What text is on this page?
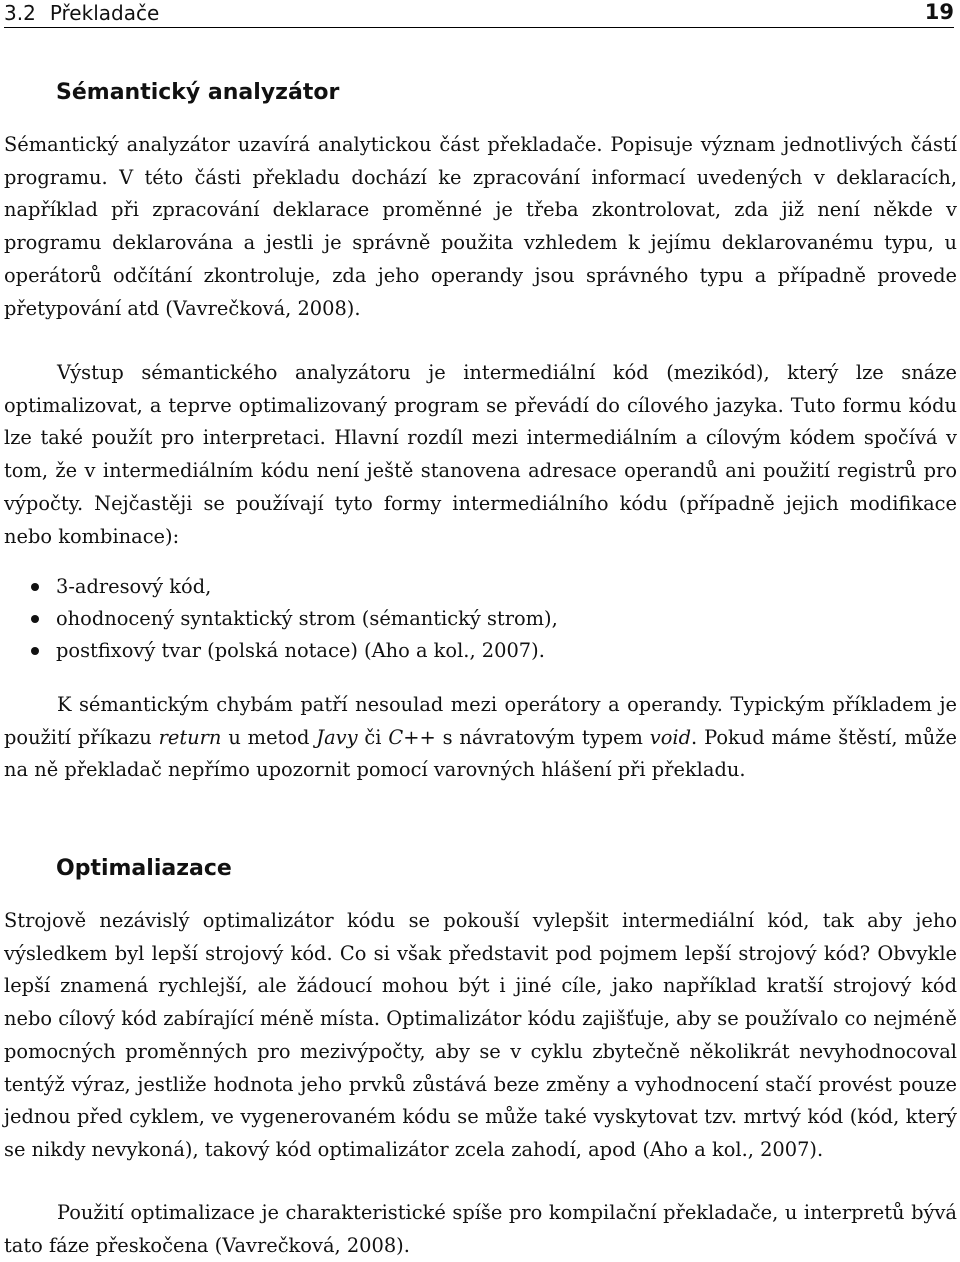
3.2 Překladače	19
Sémantický analyzátor

Sémantický analyzátor uzavírá analytickou část překladače. Popisuje význam jednotlivých částí programu. V této části překladu dochází ke zpracování informací uvedených v deklaracích, například při zpracování deklarace proměnné je třeba zkontrolovat, zda již není někde v programu deklarována a jestli je správně použita vzhledem k jejímu deklarovanému typu, u operátorů odčítání zkontroluje, zda jeho operandy jsou správného typu a případně provede přetypování atd (Vavrečková, 2008).

Výstup sémantického analyzátoru je intermediální kód (mezikód), který lze snáze optimalizovat, a teprve optimalizovaný program se převádí do cílového jazyka. Tuto formu kódu lze také použít pro interpretaci. Hlavní rozdíl mezi intermediálním a cílovým kódem spočívá v tom, že v intermediálním kódu není ještě stanovena adresace operandů ani použití registrů pro výpočty. Nejčastěji se používají tyto formy intermediálního kódu (případně jejich modifikace nebo kombinace):

3-adresový kód,
ohodnocený syntaktický strom (sémantický strom),
postfixový tvar (polská notace) (Aho a kol., 2007).

K sémantickým chybám patří nesoulad mezi operátory a operandy. Typickým příkladem je použití příkazu return u metod Javy či C++ s návratovým typem void. Pokud máme štěstí, může na ně překladač nepřímo upozornit pomocí varovných hlášení při překladu.

Optimaliazace

Strojově nezávislý optimalizátor kódu se pokouší vylepšit intermediální kód, tak aby jeho výsledkem byl lepší strojový kód. Co si však představit pod pojmem lepší strojový kód? Obvykle lepší znamená rychlejší, ale žádoucí mohou být i jiné cíle, jako například kratší strojový kód nebo cílový kód zabírající méně místa. Optimalizátor kódu zajišťuje, aby se používalo co nejméně pomocných proměnných pro mezivýpočty, aby se v cyklu zbytečně několikrát nevyhodnocoval tentýž výraz, jestliže hodnota jeho prvků zůstává beze změny a vyhodnocení stačí provést pouze jednou před cyklem, ve vygenerovaném kódu se může také vyskytovat tzv. mrtvý kód (kód, který se nikdy nevykoná), takový kód optimalizátor zcela zahodí, apod (Aho a kol., 2007).

Použití optimalizace je charakteristické spíše pro kompilační překladače, u interpretů bývá tato fáze přeskočena (Vavrečková, 2008).
